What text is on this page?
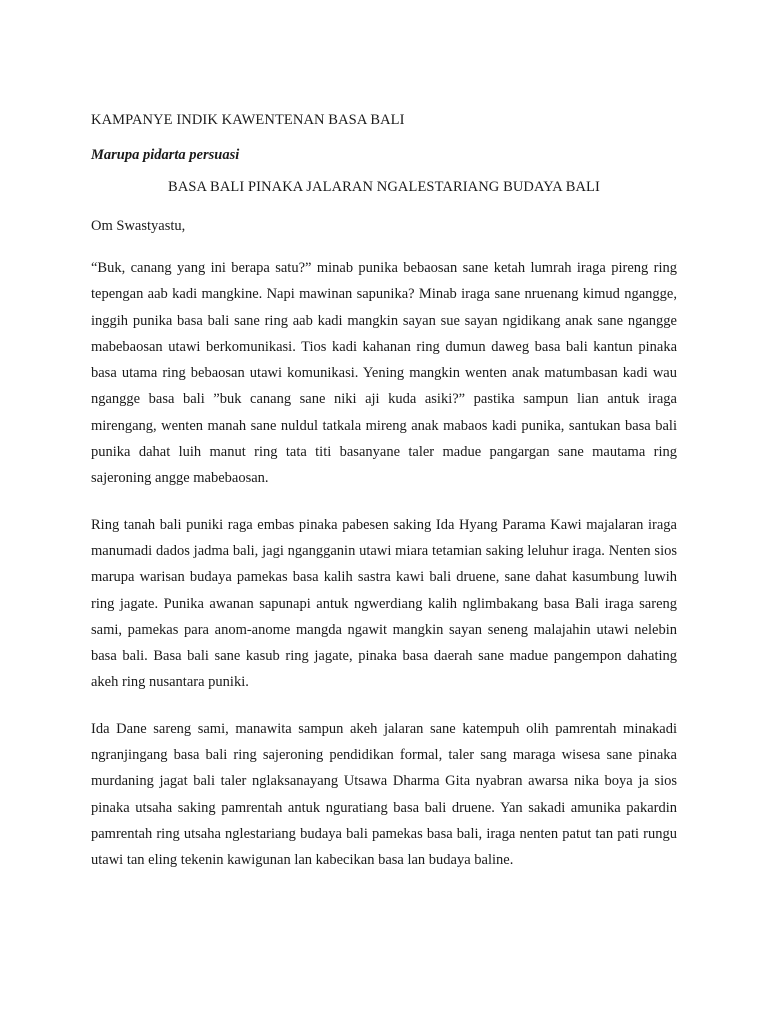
KAMPANYE INDIK KAWENTENAN BASA BALI

Marupa pidarta persuasi

BASA BALI PINAKA JALARAN NGALESTARIANG BUDAYA BALI

Om Swastyastu,

“Buk, canang yang ini berapa satu?” minab punika bebaosan sane ketah lumrah iraga pireng ring tepengan aab kadi mangkine. Napi mawinan sapunika? Minab iraga sane nruenang kimud ngangge, inggih punika basa bali sane ring aab kadi mangkin sayan sue sayan ngidikang anak sane ngangge mabebaosan utawi berkomunikasi. Tios kadi kahanan ring dumun daweg basa bali kantun pinaka basa utama ring bebaosan utawi komunikasi. Yening mangkin wenten anak matumbasan kadi wau ngangge basa bali ”buk canang sane niki aji kuda asiki?” pastika sampun lian antuk iraga mirengang, wenten manah sane nuldul tatkala mireng anak mabaos kadi punika, santukan basa bali punika dahat luih manut ring tata titi basanyane taler madue pangargan sane mautama ring sajeroning angge mabebaosan.

Ring tanah bali puniki raga embas pinaka pabesen saking Ida Hyang Parama Kawi majalaran iraga manumadi dados jadma bali, jagi ngangganin utawi miara tetamian saking leluhur iraga. Nenten sios marupa warisan budaya pamekas basa kalih sastra kawi bali druene, sane dahat kasumbung luwih ring jagate. Punika awanan sapunapi antuk ngwerdiang kalih nglimbakang basa Bali iraga sareng sami, pamekas para anom-anome mangda ngawit mangkin sayan seneng malajahin utawi nelebin basa bali. Basa bali sane kasub ring jagate, pinaka basa daerah sane madue pangempon dahating akeh ring nusantara puniki.

Ida Dane sareng sami, manawita sampun akeh jalaran sane katempuh olih pamrentah minakadi ngranjingang basa bali ring sajeroning pendidikan formal, taler sang maraga wisesa sane pinaka murdaning jagat bali taler nglaksanayang Utsawa Dharma Gita nyabran awarsa nika boya ja sios pinaka utsaha saking pamrentah antuk nguratiang basa bali druene. Yan sakadi amunika pakardin pamrentah ring utsaha nglestariang budaya bali pamekas basa bali, iraga nenten patut tan pati rungu utawi tan eling tekenin kawigunan lan kabecikan basa lan budaya baline.
